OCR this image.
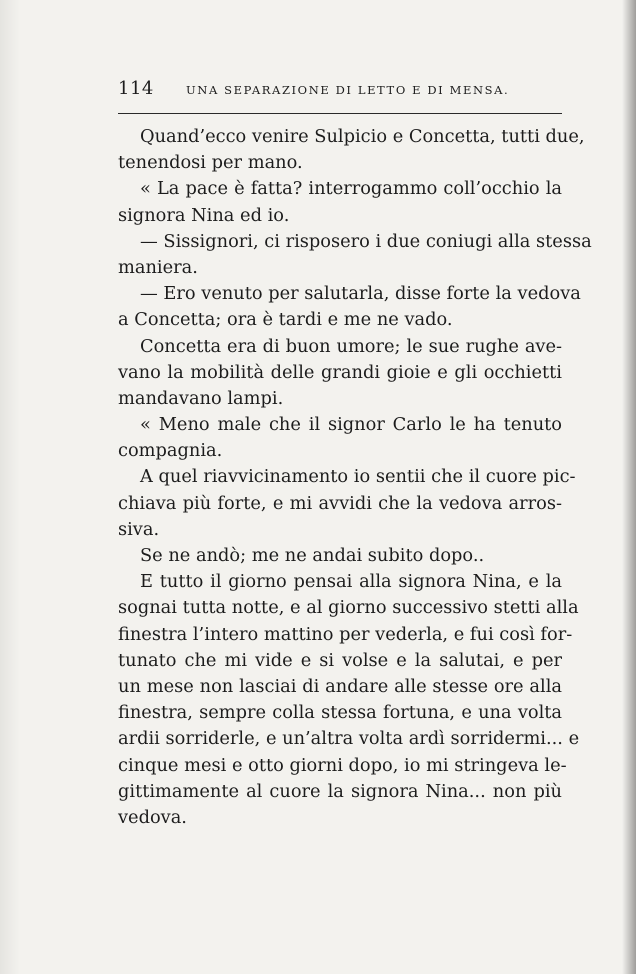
114	UNA SEPARAZIONE DI LETTO E DI MENSA.
Quand’ecco venire Sulpicio e Concetta, tutti due,
tenendosi per mano.
« La pace è fatta? interrogammo coll’occhio la
signora Nina ed io.
— Sissignori, ci risposero i due coniugi alla stessa
maniera.
— Ero venuto per salutarla, disse forte la vedova
a Concetta; ora è tardi e me ne vado.
Concetta era di buon umore; le sue rughe ave-
vano la mobilità delle grandi gioie e gli occhietti
mandavano lampi.
« Meno male che il signor Carlo le ha tenuto
compagnia.
A quel riavvicinamento io sentii che il cuore pic-
chiava più forte, e mi avvidi che la vedova arros-
siva.
Se ne andò; me ne andai subito dopo..
E tutto il giorno pensai alla signora Nina, e la
sognai tutta notte, e al giorno successivo stetti alla
finestra l’intero mattino per vederla, e fui così for-
tunato che mi vide e si volse e la salutai, e per
un mese non lasciai di andare alle stesse ore alla
finestra, sempre colla stessa fortuna, e una volta
ardii sorriderle, e un’altra volta ardì sorridermi... e
cinque mesi e otto giorni dopo, io mi stringeva le-
gittimamente al cuore la signora Nina... non più
vedova.
